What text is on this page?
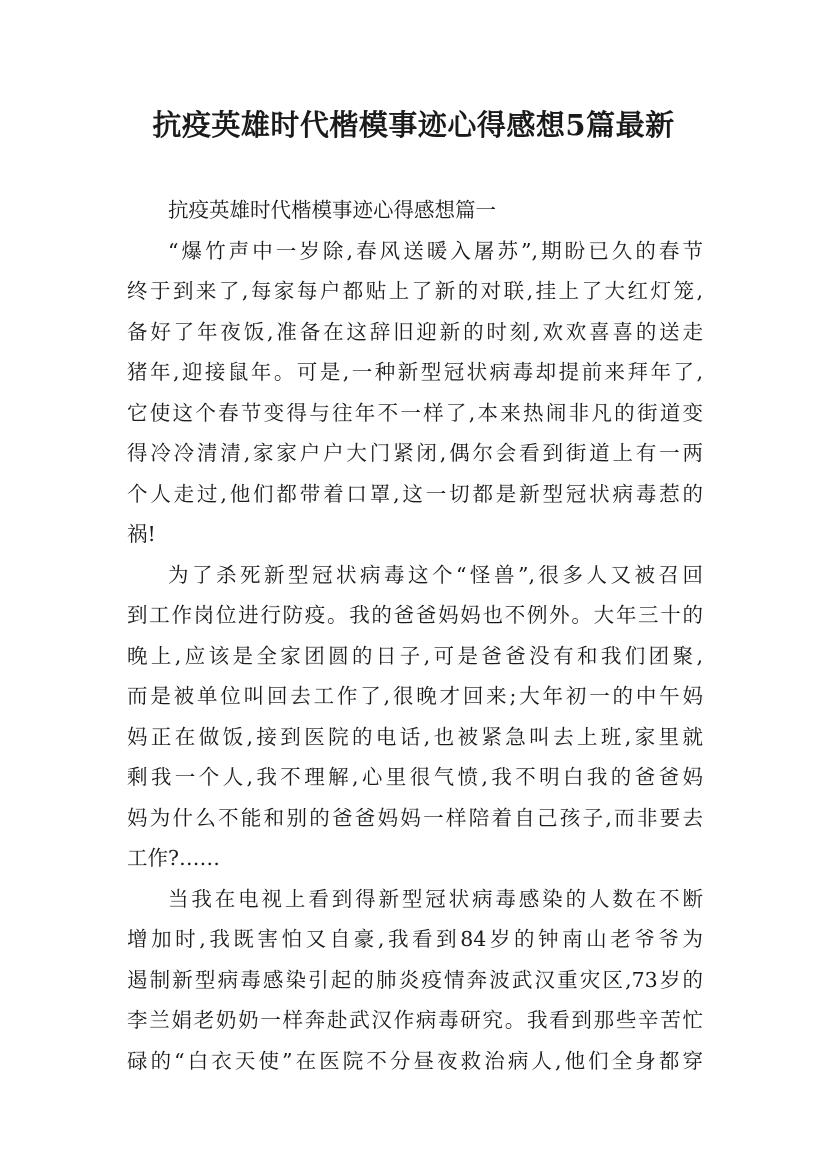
抗疫英雄时代楷模事迹心得感想5篇最新
抗疫英雄时代楷模事迹心得感想篇一
“爆竹声中一岁除,春风送暖入屠苏”,期盼已久的春节
终于到来了,每家每户都贴上了新的对联,挂上了大红灯笼,
备好了年夜饭,准备在这辞旧迎新的时刻,欢欢喜喜的送走
猪年,迎接鼠年。可是,一种新型冠状病毒却提前来拜年了,
它使这个春节变得与往年不一样了,本来热闹非凡的街道变
得冷冷清清,家家户户大门紧闭,偶尔会看到街道上有一两
个人走过,他们都带着口罩,这一切都是新型冠状病毒惹的
祸!
为了杀死新型冠状病毒这个“怪兽”,很多人又被召回
到工作岗位进行防疫。我的爸爸妈妈也不例外。大年三十的
晚上,应该是全家团圆的日子,可是爸爸没有和我们团聚,
而是被单位叫回去工作了,很晚才回来;大年初一的中午妈
妈正在做饭,接到医院的电话,也被紧急叫去上班,家里就
剩我一个人,我不理解,心里很气愤,我不明白我的爸爸妈
妈为什么不能和别的爸爸妈妈一样陪着自己孩子,而非要去
工作?……
当我在电视上看到得新型冠状病毒感染的人数在不断
增加时,我既害怕又自豪,我看到84岁的钟南山老爷爷为
遏制新型病毒感染引起的肺炎疫情奔波武汉重灾区,73岁的
李兰娟老奶奶一样奔赴武汉作病毒研究。我看到那些辛苦忙
碌的“白衣天使”在医院不分昼夜救治病人,他们全身都穿
